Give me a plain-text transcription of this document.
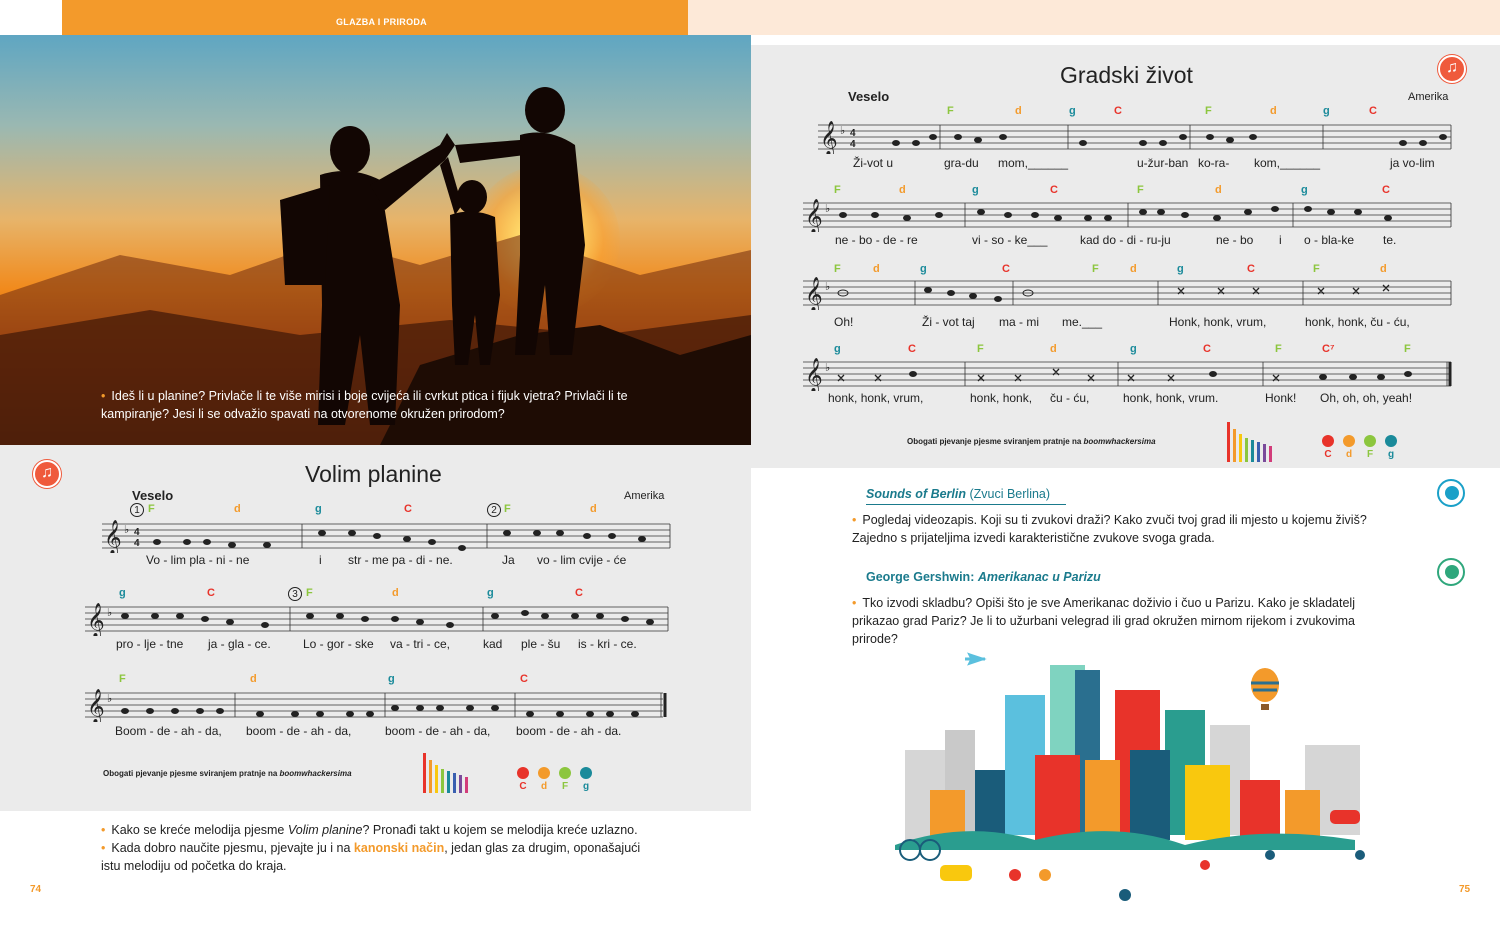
GLAZBA I PRIRODA
• Ideš li u planine? Privlače li te više mirisi i boje cvijeća ili cvrkut ptica i fijuk vjetra? Privlači li te kampiranje? Jesi li se odvažio spavati na otvorenome okružen prirodom?
♫
Gradski život
Veselo	Amerika
𝄞 ♭ 4
4
𝄞 ♭
𝄞 ♭
𝄞 ♭
F	d	g	C	F	d	g	C
F	d	g	C	F	d	g	C
F	d	g	C	F	d	g	C	F	d
g	C	F	d	g	C	F	C⁷	F
Ži-vot u	gra-du mom,______	u-žur-ban ko-ra- kom,______	ja vo-lim
ne - bo - de - re	vi - so - ke___	kad do - di - ru-ju	ne - bo i o - bla-ke te.
Oh!	Ži - vot taj ma - mi me.___	Honk, honk, vrum,	honk, honk, ču - ću,
honk, honk, vrum,	honk, honk, ču - ću,	honk, honk, vrum.	Honk! Oh, oh, oh, yeah!
Obogati pjevanje pjesme sviranjem pratnje na boomwhackersima
C d F g
♫
Volim planine
Veselo	Amerika
𝄞 ♭ 4
4
𝄞 ♭
𝄞 ♭
F	d	g	C	F	d
g	C	F	d	g	C
F	d	g	C
Vo - lim pla - ni - ne	i str - me pa - di - ne.	Ja vo - lim cvije - će
pro - lje - tne ja - gla - ce.	Lo - gor - ske va - tri - ce,	kad ple - šu is - kri - ce.
Boom - de - ah - da, boom - de - ah - da,	boom - de - ah - da, boom - de - ah - da.
Obogati pjevanje pjesme sviranjem pratnje na boomwhackersima
C d F g
• Kako se kreće melodija pjesme Volim planine? Pronađi takt u kojem se melodija kreće uzlazno.
• Kada dobro naučite pjesmu, pjevajte ju i na kanonski način, jedan glas za drugim, oponašajući istu melodiju od početka do kraja.
74	75
Sounds of Berlin (Zvuci Berlina)
• Pogledaj videozapis. Koji su ti zvukovi draži? Kako zvuči tvoj grad ili mjesto u kojemu živiš? Zajedno s prijateljima izvedi karakteristične zvukove svoga grada.
George Gershwin: Amerikanac u Parizu
• Tko izvodi skladbu? Opiši što je sve Amerikanac doživio i čuo u Parizu. Kako je skladatelj prikazao grad Pariz? Je li to užurbani velegrad ili grad okružen mirnom rijekom i zvukovima prirode?
1	2
3
